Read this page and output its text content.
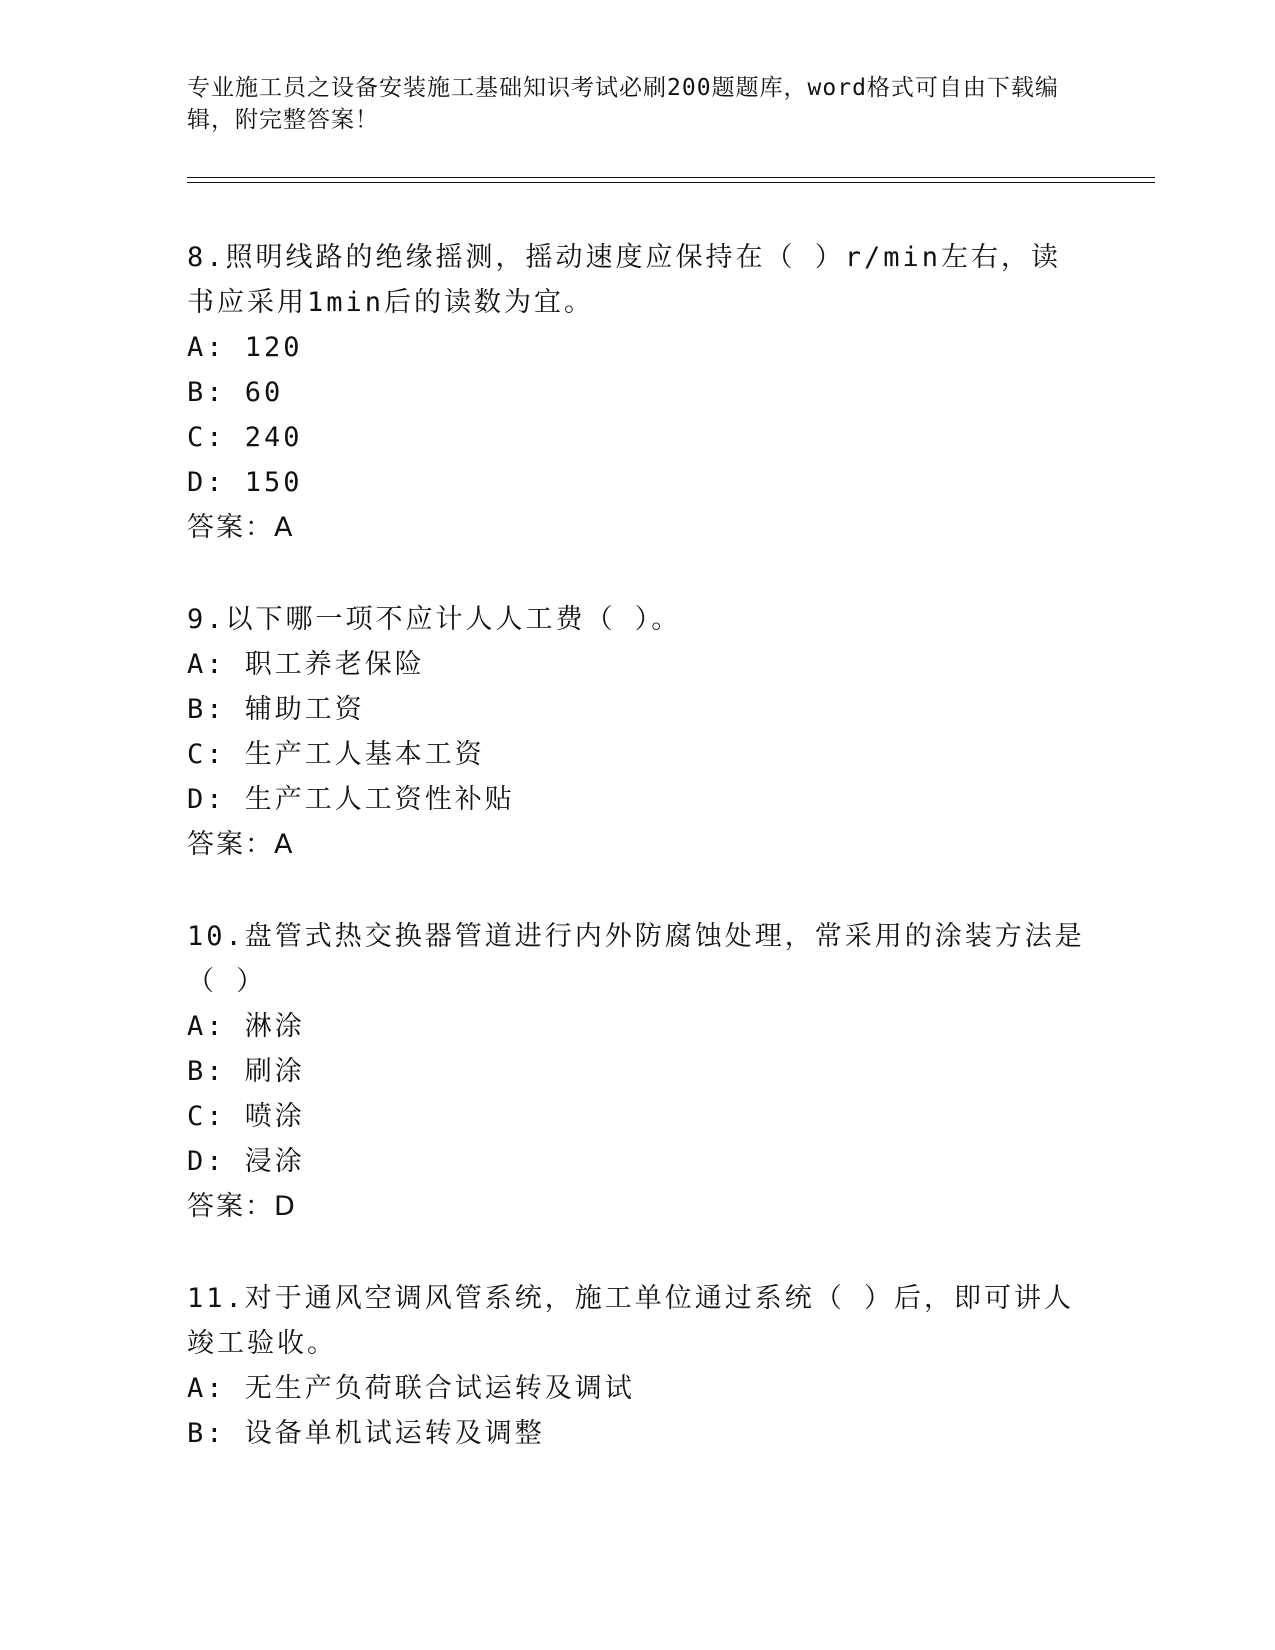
专业施工员之设备安装施工基础知识考试必刷200题题库，word格式可自由下载编辑，附完整答案！
8.照明线路的绝缘摇测，摇动速度应保持在（ ）r/min左右，读书应采用1min后的读数为宜。
A: 120
B: 60
C: 240
D: 150
答案：A
9.以下哪一项不应计人人工费（ ）。
A: 职工养老保险
B: 辅助工资
C: 生产工人基本工资
D: 生产工人工资性补贴
答案：A
10.盘管式热交换器管道进行内外防腐蚀处理，常采用的涂装方法是（ ）
A: 淋涂
B: 刷涂
C: 喷涂
D: 浸涂
答案：D
11.对于通风空调风管系统，施工单位通过系统（ ）后，即可讲人竣工验收。
A: 无生产负荷联合试运转及调试
B: 设备单机试运转及调整
